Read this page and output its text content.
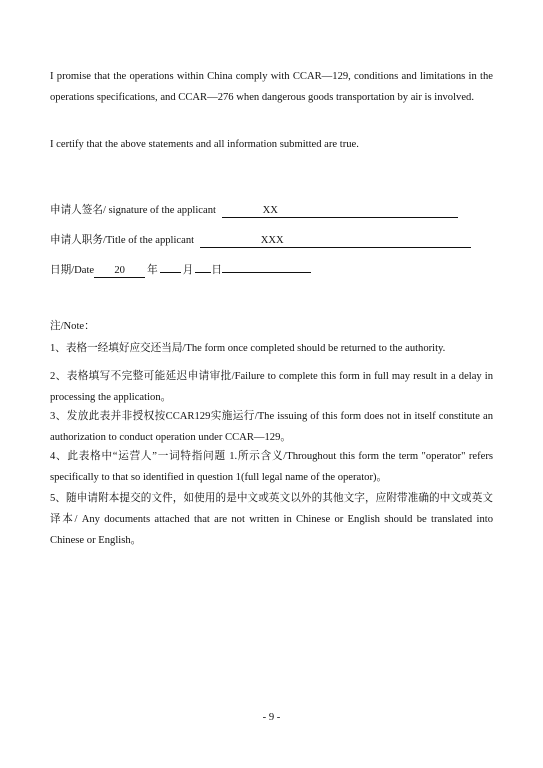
I promise that the operations within China comply with CCAR—129, conditions and limitations in the operations specifications, and CCAR—276 when dangerous goods transportation by air is involved.

I certify that the above statements and all information submitted are true.

申请人签名/ signature of the applicant	XX
申请人职务/Title of the applicant	XXX
日期/Date 20 年 月 日
注/Note：

1、表格一经填好应交还当局/The form once completed should be returned to the authority.

2、表格填写不完整可能延迟申请审批/Failure to complete this form in full may result in a delay in processing the application。

3、发放此表并非授权按CCAR129实施运行/The issuing of this form does not in itself constitute an authorization to conduct operation under CCAR—129。

4、此表格中“运营人”一词特指问题 1.所示含义/Throughout this form the term "operator" refers specifically to that so identified in question 1(full legal name of the operator)。

5、随申请附本提交的文件，如使用的是中文或英文以外的其他文字，应附带准确的中文或英文译本/ Any documents attached that are not written in Chinese or English should be translated into Chinese or English。

- 9 -
